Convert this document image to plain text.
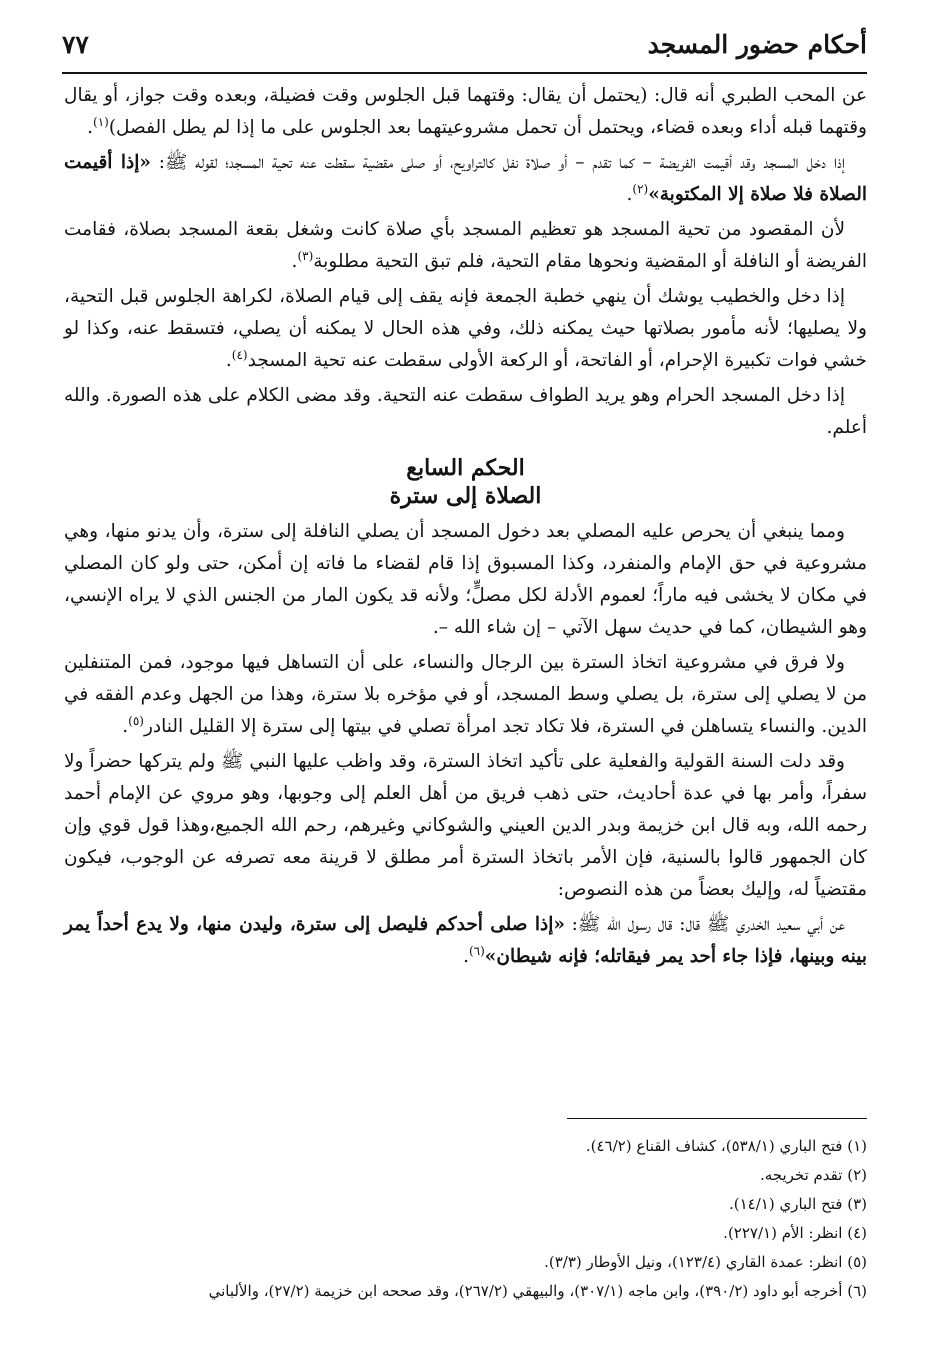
أحكام حضور المسجد
٧٧

عن المحب الطبري أنه قال: (يحتمل أن يقال: وقتهما قبل الجلوس وقت فضيلة، وبعده وقت جواز، أو يقال وقتهما قبله أداء وبعده قضاء، ويحتمل أن تحمل مشروعيتهما بعد الجلوس على ما إذا لم يطل الفصل)$^{(١)}$.

إذا دخل المسجد وقد أقيمت الفريضة – كما تقدم – أو صلاة نفل كالتراويح، أو صلى مقضية سقطت عنه تحية المسجد؛ لقوله ﷺ: «إذا أقيمت الصلاة فلا صلاة إلا المكتوبة»$^{(٢)}$.

لأن المقصود من تحية المسجد هو تعظيم المسجد بأي صلاة كانت وشغل بقعة المسجد بصلاة، فقامت الفريضة أو النافلة أو المقضية ونحوها مقام التحية، فلم تبق التحية مطلوبة$^{(٣)}$.

إذا دخل والخطيب يوشك أن ينهي خطبة الجمعة فإنه يقف إلى قيام الصلاة، لكراهة الجلوس قبل التحية، ولا يصليها؛ لأنه مأمور بصلاتها حيث يمكنه ذلك، وفي هذه الحال لا يمكنه أن يصلي، فتسقط عنه، وكذا لو خشي فوات تكبيرة الإحرام، أو الفاتحة، أو الركعة الأولى سقطت عنه تحية المسجد$^{(٤)}$.

إذا دخل المسجد الحرام وهو يريد الطواف سقطت عنه التحية. وقد مضى الكلام على هذه الصورة. والله أعلم.

الحكم السابع
الصلاة إلى سترة

ومما ينبغي أن يحرص عليه المصلي بعد دخول المسجد أن يصلي النافلة إلى سترة، وأن يدنو منها، وهي مشروعية في حق الإمام والمنفرد، وكذا المسبوق إذا قام لقضاء ما فاته إن أمكن، حتى ولو كان المصلي في مكان لا يخشى فيه ماراً؛ لعموم الأدلة لكل مصلٍّ؛ ولأنه قد يكون المار من الجنس الذي لا يراه الإنسي، وهو الشيطان، كما في حديث سهل الآتي – إن شاء الله –.

ولا فرق في مشروعية اتخاذ السترة بين الرجال والنساء، على أن التساهل فيها موجود، فمن المتنفلين من لا يصلي إلى سترة، بل يصلي وسط المسجد، أو في مؤخره بلا سترة، وهذا من الجهل وعدم الفقه في الدين. والنساء يتساهلن في السترة، فلا تكاد تجد امرأة تصلي في بيتها إلى سترة إلا القليل النادر$^{(٥)}$.

وقد دلت السنة القولية والفعلية على تأكيد اتخاذ السترة، وقد واظب عليها النبي ﷺ ولم يتركها حضراً ولا سفراً، وأمر بها في عدة أحاديث، حتى ذهب فريق من أهل العلم إلى وجوبها، وهو مروي عن الإمام أحمد رحمه الله، وبه قال ابن خزيمة وبدر الدين العيني والشوكاني وغيرهم، رحم الله الجميع،وهذا قول قوي وإن كان الجمهور قالوا بالسنية، فإن الأمر باتخاذ السترة أمر مطلق لا قرينة معه تصرفه عن الوجوب، فيكون مقتضياً له، وإليك بعضاً من هذه النصوص:

عن أبي سعيد الخدري ﷺ قال: قال رسول الله ﷺ: «إذا صلى أحدكم فليصل إلى سترة، وليدن منها، ولا يدع أحداً يمر بينه وبينها، فإذا جاء أحد يمر فيقاتله؛ فإنه شيطان»$^{(٦)}$.

(١) فتح الباري (٥٣٨/١)، كشاف القناع (٤٦/٢).

(٢) تقدم تخريجه.

(٣) فتح الباري (١٤/١).

(٤) انظر: الأم (٢٢٧/١).

(٥) انظر: عمدة القاري (١٢٣/٤)، ونيل الأوطار (٣/٣).

(٦) أخرجه أبو داود (٣٩٠/٢)، وابن ماجه (٣٠٧/١)، والبيهقي (٢٦٧/٢)، وقد صححه ابن خزيمة (٢٧/٢)، والألباني
